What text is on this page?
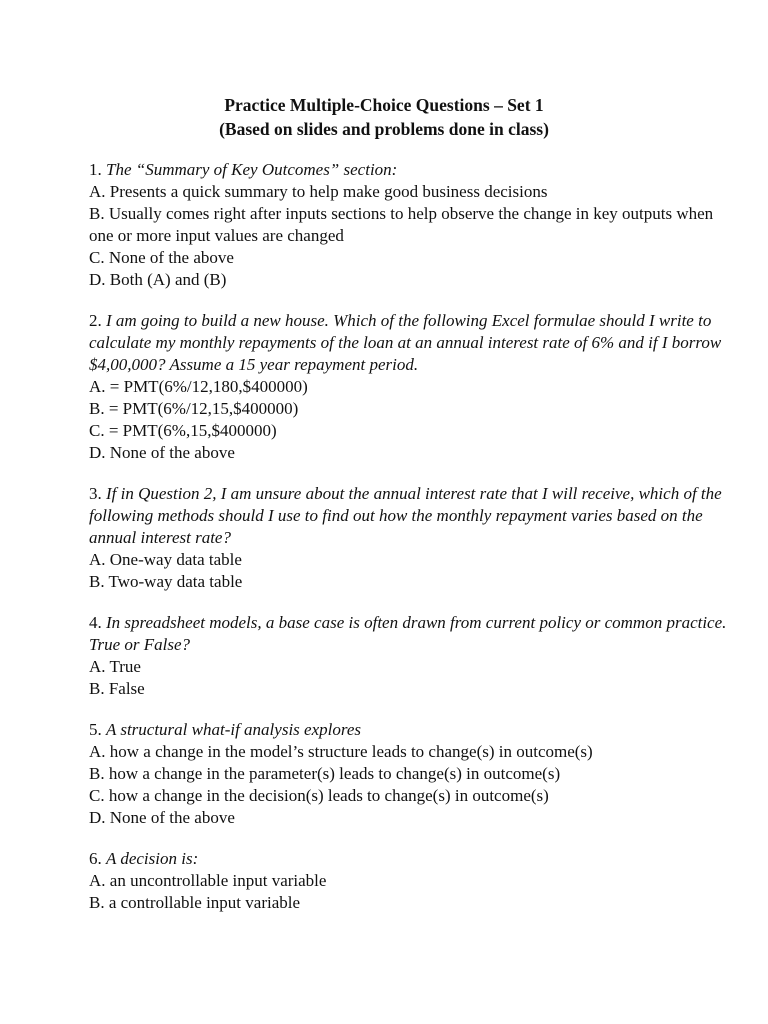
Practice Multiple-Choice Questions – Set 1
(Based on slides and problems done in class)
1. The “Summary of Key Outcomes” section:
A. Presents a quick summary to help make good business decisions
B. Usually comes right after inputs sections to help observe the change in key outputs when one or more input values are changed
C. None of the above
D. Both (A) and (B)
2. I am going to build a new house. Which of the following Excel formulae should I write to calculate my monthly repayments of the loan at an annual interest rate of 6% and if I borrow $4,00,000? Assume a 15 year repayment period.
A. = PMT(6%/12,180,$400000)
B. = PMT(6%/12,15,$400000)
C. = PMT(6%,15,$400000)
D. None of the above
3. If in Question 2, I am unsure about the annual interest rate that I will receive, which of the following methods should I use to find out how the monthly repayment varies based on the annual interest rate?
A. One-way data table
B. Two-way data table
4. In spreadsheet models, a base case is often drawn from current policy or common practice. True or False?
A. True
B. False
5. A structural what-if analysis explores
A. how a change in the model’s structure leads to change(s) in outcome(s)
B. how a change in the parameter(s) leads to change(s) in outcome(s)
C. how a change in the decision(s) leads to change(s) in outcome(s)
D. None of the above
6. A decision is:
A. an uncontrollable input variable
B. a controllable input variable
